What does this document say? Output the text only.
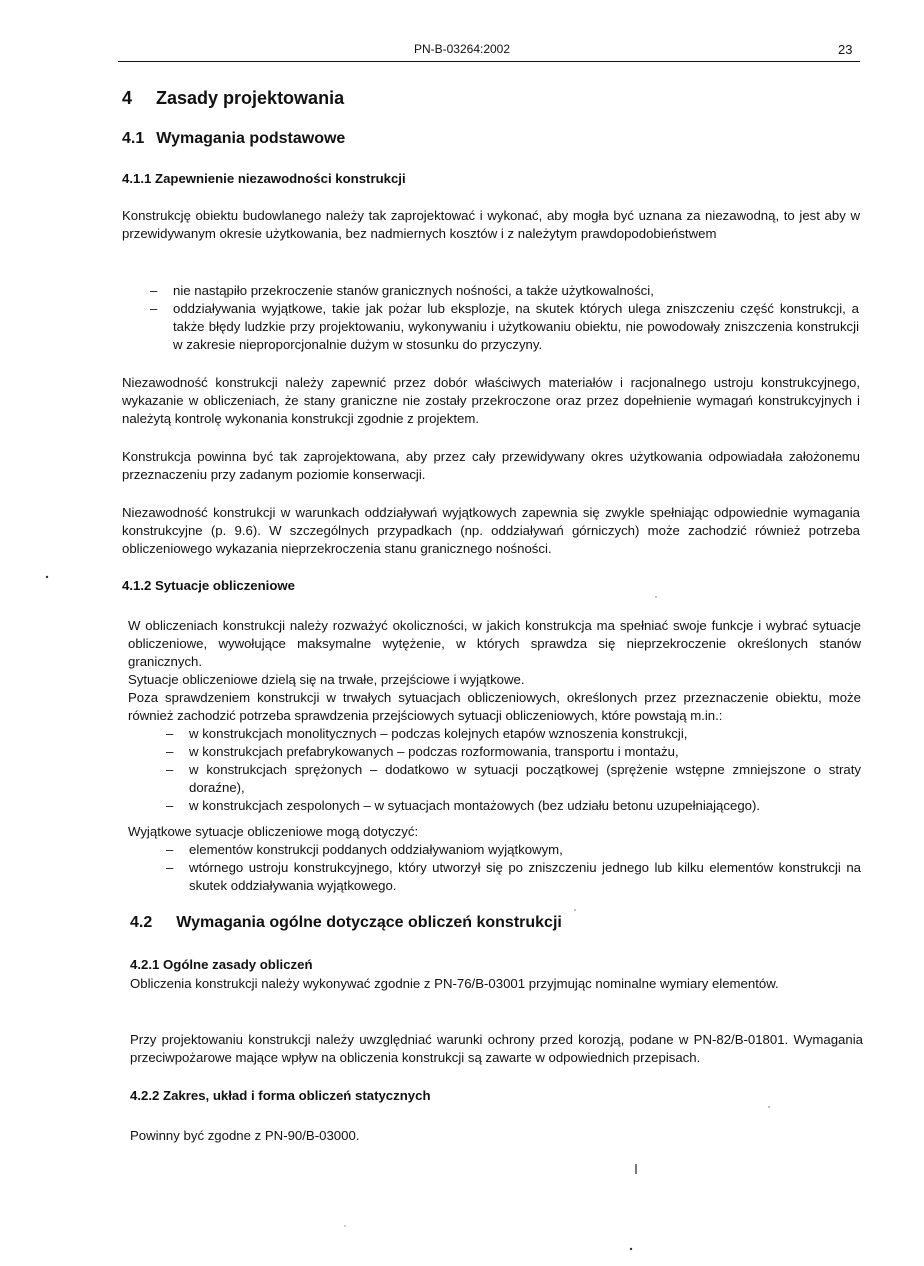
PN-B-03264:2002	23
4 Zasady projektowania
4.1 Wymagania podstawowe
4.1.1 Zapewnienie niezawodności konstrukcji
Konstrukcję obiektu budowlanego należy tak zaprojektować i wykonać, aby mogła być uznana za niezawodną, to jest aby w przewidywanym okresie użytkowania, bez nadmiernych kosztów i z należytym prawdopodobieństwem
– nie nastąpiło przekroczenie stanów granicznych nośności, a także użytkowalności,
– oddziaływania wyjątkowe, takie jak pożar lub eksplozje, na skutek których ulega zniszczeniu część konstrukcji, a także błędy ludzkie przy projektowaniu, wykonywaniu i użytkowaniu obiektu, nie powodowały zniszczenia konstrukcji w zakresie nieproporcjonalnie dużym w stosunku do przyczyny.
Niezawodność konstrukcji należy zapewnić przez dobór właściwych materiałów i racjonalnego ustroju konstrukcyjnego, wykazanie w obliczeniach, że stany graniczne nie zostały przekroczone oraz przez dopełnienie wymagań konstrukcyjnych i należytą kontrolę wykonania konstrukcji zgodnie z projektem.
Konstrukcja powinna być tak zaprojektowana, aby przez cały przewidywany okres użytkowania odpowiadała założonemu przeznaczeniu przy zadanym poziomie konserwacji.
Niezawodność konstrukcji w warunkach oddziaływań wyjątkowych zapewnia się zwykle spełniając odpowiednie wymagania konstrukcyjne (p. 9.6). W szczególnych przypadkach (np. oddziaływań górniczych) może zachodzić również potrzeba obliczeniowego wykazania nieprzekroczenia stanu granicznego nośności.
4.1.2 Sytuacje obliczeniowe
W obliczeniach konstrukcji należy rozważyć okoliczności, w jakich konstrukcja ma spełniać swoje funkcje i wybrać sytuacje obliczeniowe, wywołujące maksymalne wytężenie, w których sprawdza się nieprzekroczenie określonych stanów granicznych.
Sytuacje obliczeniowe dzielą się na trwałe, przejściowe i wyjątkowe.
Poza sprawdzeniem konstrukcji w trwałych sytuacjach obliczeniowych, określonych przez przeznaczenie obiektu, może również zachodzić potrzeba sprawdzenia przejściowych sytuacji obliczeniowych, które powstają m.in.:
– w konstrukcjach monolitycznych – podczas kolejnych etapów wznoszenia konstrukcji,
– w konstrukcjach prefabrykowanych – podczas rozformowania, transportu i montażu,
– w konstrukcjach sprężonych – dodatkowo w sytuacji początkowej (sprężenie wstępne zmniejszone o straty doraźne),
– w konstrukcjach zespolonych – w sytuacjach montażowych (bez udziału betonu uzupełniającego).
Wyjątkowe sytuacje obliczeniowe mogą dotyczyć:
– elementów konstrukcji poddanych oddziaływaniom wyjątkowym,
– wtórnego ustroju konstrukcyjnego, który utworzył się po zniszczeniu jednego lub kilku elementów konstrukcji na skutek oddziaływania wyjątkowego.
4.2 Wymagania ogólne dotyczące obliczeń konstrukcji
4.2.1 Ogólne zasady obliczeń
Obliczenia konstrukcji należy wykonywać zgodnie z PN-76/B-03001 przyjmując nominalne wymiary elementów.
Przy projektowaniu konstrukcji należy uwzględniać warunki ochrony przed korozją, podane w PN-82/B-01801. Wymagania przeciwpożarowe mające wpływ na obliczenia konstrukcji są zawarte w odpowiednich przepisach.
4.2.2 Zakres, układ i forma obliczeń statycznych
Powinny być zgodne z PN-90/B-03000.
